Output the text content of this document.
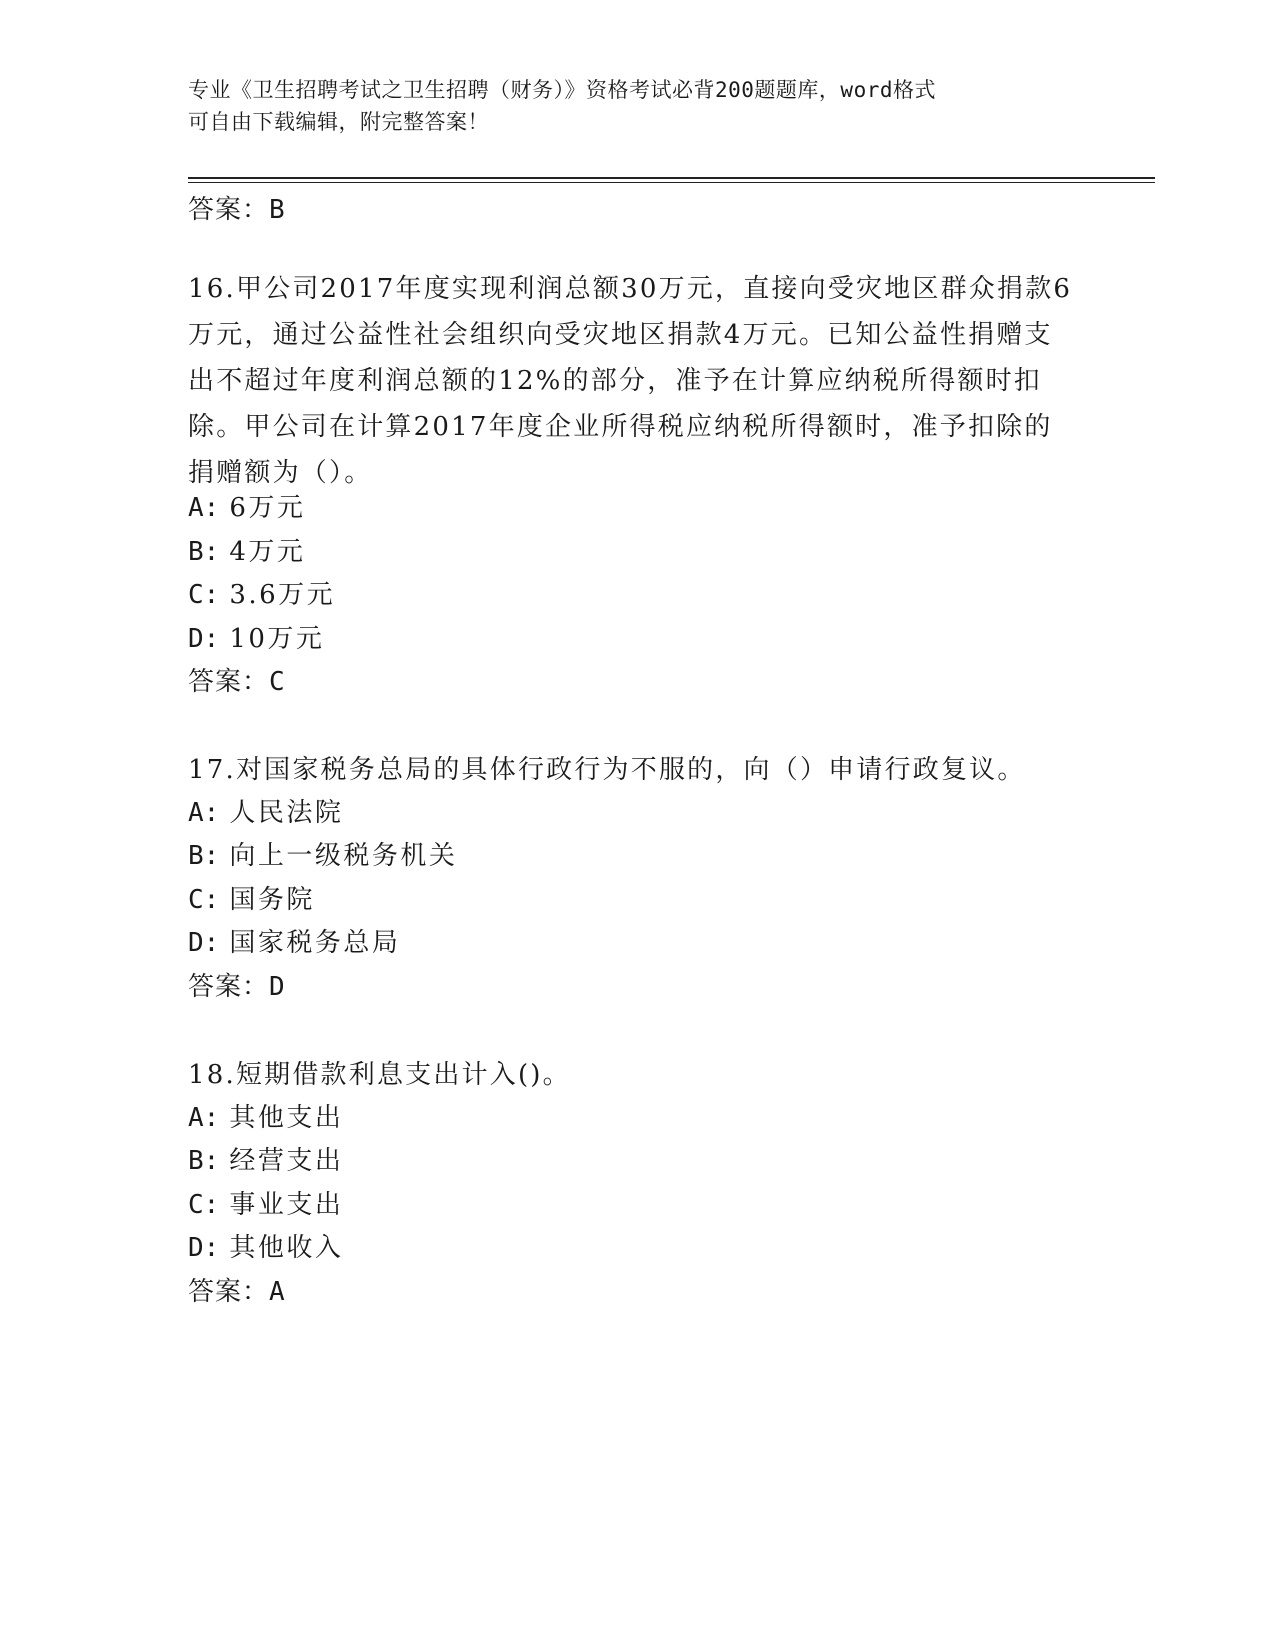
专业《卫生招聘考试之卫生招聘（财务）》资格考试必背200题题库，word格式
可自由下载编辑，附完整答案！
答案：B
16.甲公司2017年度实现利润总额30万元，直接向受灾地区群众捐款6万元，通过公益性社会组织向受灾地区捐款4万元。已知公益性捐赠支出不超过年度利润总额的12%的部分，准予在计算应纳税所得额时扣除。甲公司在计算2017年度企业所得税应纳税所得额时，准予扣除的捐赠额为（）。
A: 6万元
B: 4万元
C: 3.6万元
D: 10万元
答案：C
17.对国家税务总局的具体行政行为不服的，向（）申请行政复议。
A: 人民法院
B: 向上一级税务机关
C: 国务院
D: 国家税务总局
答案：D
18.短期借款利息支出计入()。
A: 其他支出
B: 经营支出
C: 事业支出
D: 其他收入
答案：A
